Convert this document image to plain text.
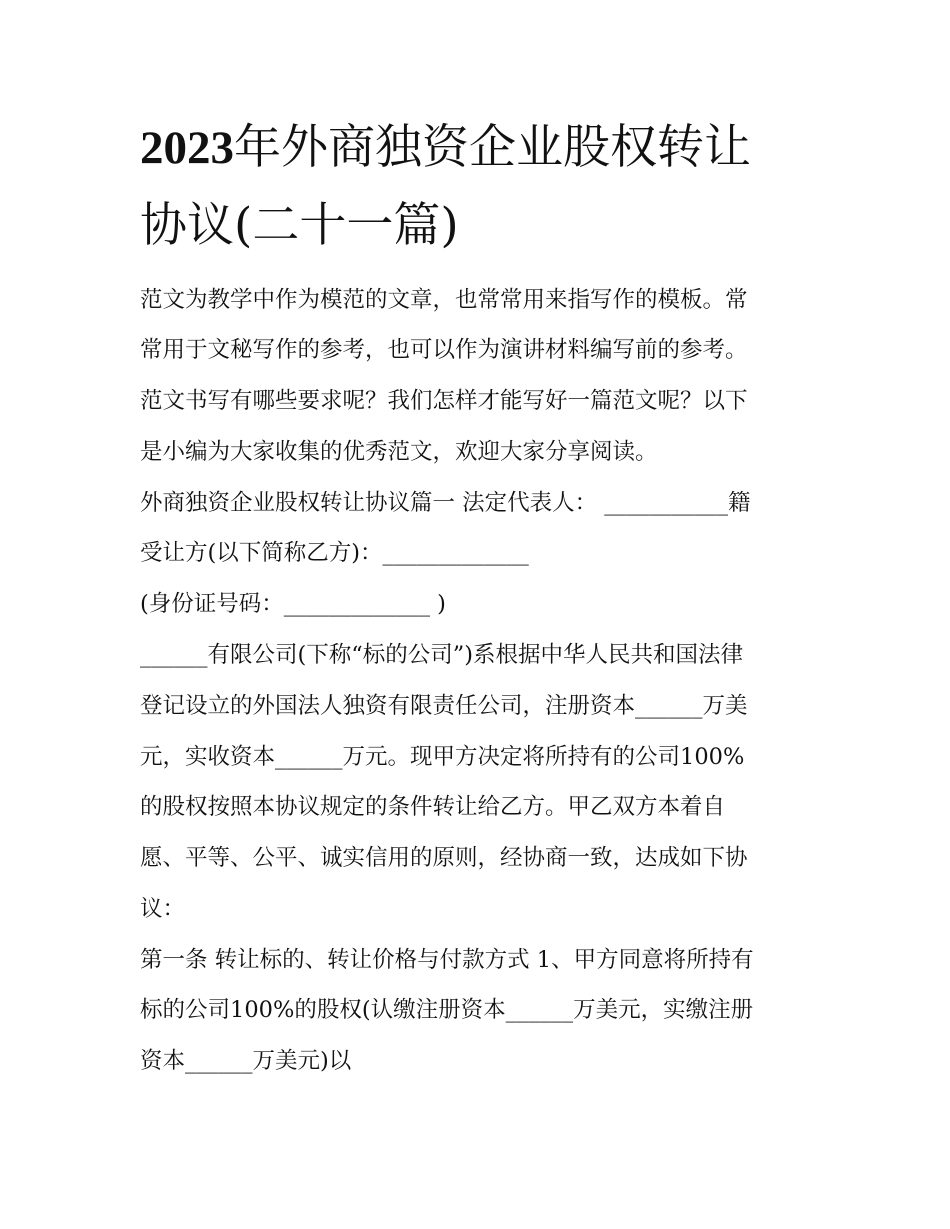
2023年外商独资企业股权转让
协议(二十一篇)

范文为教学中作为模范的文章，也常常用来指写作的模板。常

常用于文秘写作的参考，也可以作为演讲材料编写前的参考。

范文书写有哪些要求呢？我们怎样才能写好一篇范文呢？以下

是小编为大家收集的优秀范文，欢迎大家分享阅读。

外商独资企业股权转让协议篇一 法定代表人： ___________籍

受让方(以下简称乙方)：_____________

(身份证号码：_____________ )

______有限公司(下称“标的公司”)系根据中华人民共和国法律

登记设立的外国法人独资有限责任公司，注册资本______万美

元，实收资本______万元。现甲方决定将所持有的公司100%

的股权按照本协议规定的条件转让给乙方。甲乙双方本着自

愿、平等、公平、诚实信用的原则，经协商一致，达成如下协

议：

第一条 转让标的、转让价格与付款方式 1、甲方同意将所持有

标的公司100%的股权(认缴注册资本______万美元，实缴注册

资本______万美元)以
